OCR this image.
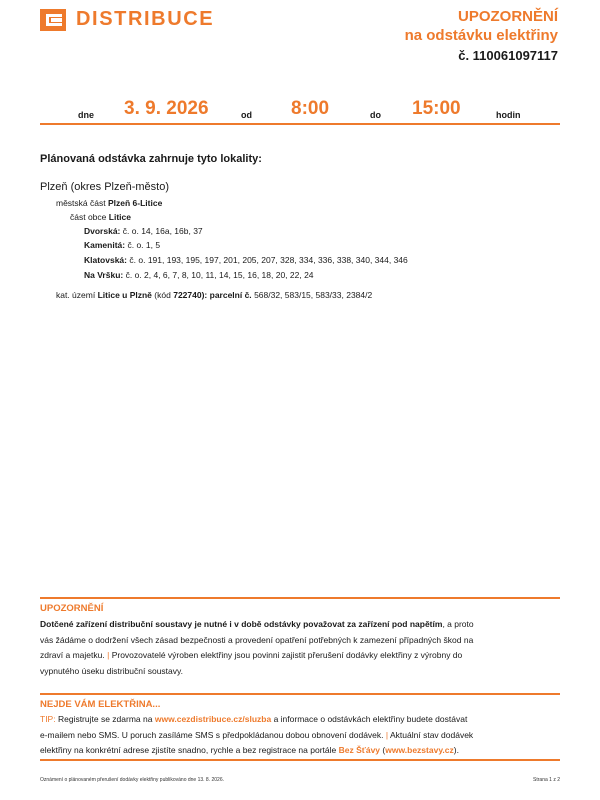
DISTRIBUCE	UPOZORNĚNÍ
na odstávku elektřiny
č. 110061097117
dne 3. 9. 2026	od 8:00	do 15:00	hodin
Plánovaná odstávka zahrnuje tyto lokality:
Plzeň (okres Plzeň-město)
městská část Plzeň 6-Litice
část obce Litice
Dvorská: č. o. 14, 16a, 16b, 37
Kamenitá: č. o. 1, 5
Klatovská: č. o. 191, 193, 195, 197, 201, 205, 207, 328, 334, 336, 338, 340, 344, 346
Na Vršku: č. o. 2, 4, 6, 7, 8, 10, 11, 14, 15, 16, 18, 20, 22, 24
kat. území Litice u Plzně (kód 722740): parcelní č. 568/32, 583/15, 583/33, 2384/2
UPOZORNĚNÍ
Dotčené zařízení distribuční soustavy je nutné i v době odstávky považovat za zařízení pod napětím, a proto
vás žádáme o dodržení všech zásad bezpečnosti a provedení opatření potřebných k zamezení případných škod na
zdraví a majetku. | Provozovatelé výroben elektřiny jsou povinni zajistit přerušení dodávky elektřiny z výrobny do
vypnutého úseku distribuční soustavy.
NEJDE VÁM ELEKTŘINA...
TIP: Registrujte se zdarma na www.cezdistribuce.cz/sluzba a informace o odstávkách elektřiny budete dostávat
e-mailem nebo SMS. U poruch zasíláme SMS s předpokládanou dobou obnovení dodávek. | Aktuální stav dodávek
elektřiny na konkrétní adrese zjistíte snadno, rychle a bez registrace na portále Bez Šťávy (www.bezstavy.cz).
Oznámení o plánovaném přerušení dodávky elektřiny publikováno dne 13. 8. 2026.	Strana 1 z 2
